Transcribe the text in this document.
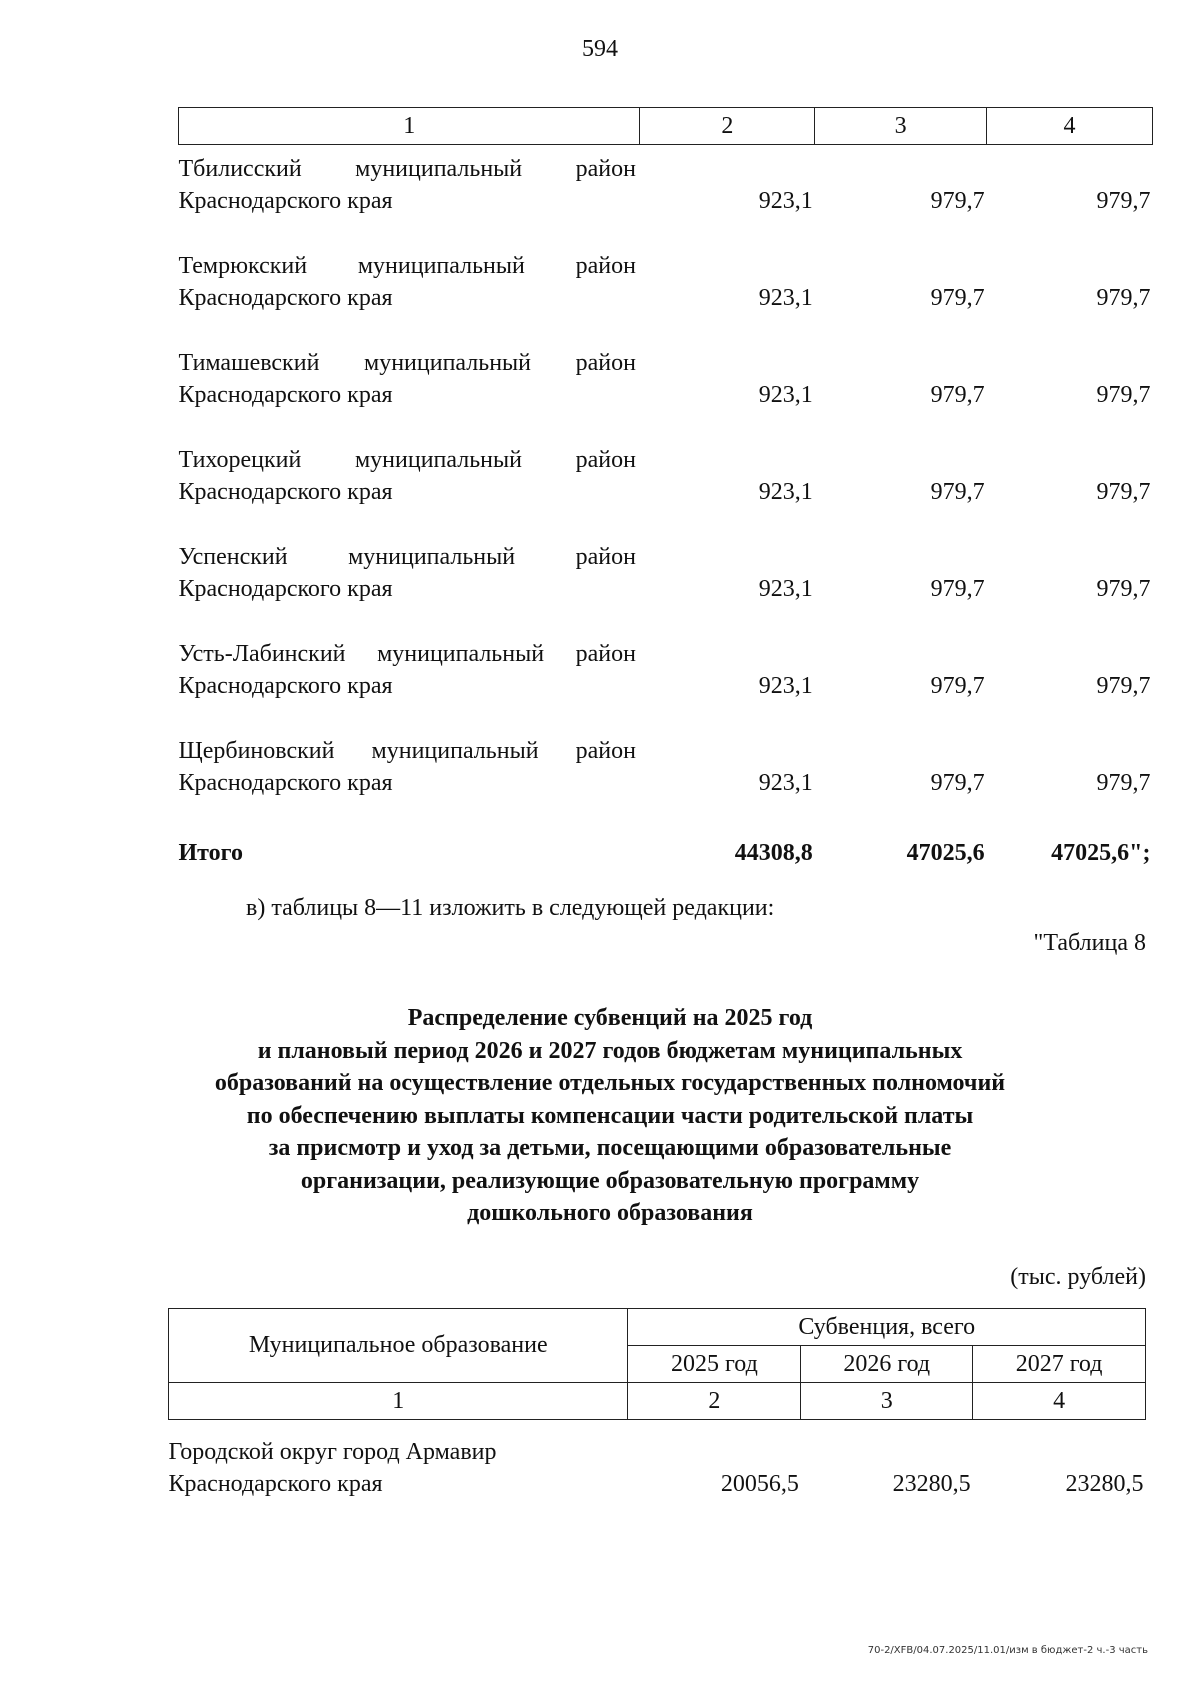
594
1	2	3	4
Тбилисский муниципальный район Краснодарского края	923,1	979,7	979,7
Темрюкский муниципальный район Краснодарского края	923,1	979,7	979,7
Тимашевский муниципальный район Краснодарского края	923,1	979,7	979,7
Тихорецкий муниципальный район Краснодарского края	923,1	979,7	979,7
Успенский муниципальный район Краснодарского края	923,1	979,7	979,7
Усть-Лабинский муниципальный район Краснодарского края	923,1	979,7	979,7
Щербиновский муниципальный район Краснодарского края	923,1	979,7	979,7
Итого	44308,8	47025,6	47025,6";
в) таблицы 8—11 изложить в следующей редакции:
"Таблица 8
Распределение субвенций на 2025 год
и плановый период 2026 и 2027 годов бюджетам муниципальных
образований на осуществление отдельных государственных полномочий
по обеспечению выплаты компенсации части родительской платы
за присмотр и уход за детьми, посещающими образовательные
организации, реализующие образовательную программу
дошкольного образования
(тыс. рублей)
Муниципальное образование	Субвенция, всего		
	2025 год	2026 год	2027 год
1	2	3	4

Городской округ город Армавир
Краснодарского края	20056,5	23280,5	23280,5
70-2/XFB/04.07.2025/11.01/изм в бюджет-2 ч.-3 часть
